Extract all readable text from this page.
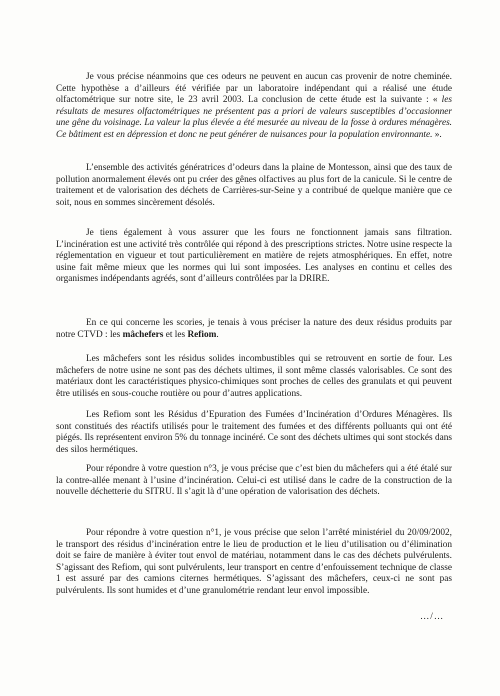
Je vous précise néanmoins que ces odeurs ne peuvent en aucun cas provenir de notre cheminée. Cette hypothèse a d’ailleurs été vérifiée par un laboratoire indépendant qui a réalisé une étude olfactométrique sur notre site, le 23 avril 2003. La conclusion de cette étude est la suivante : « les résultats de mesures olfactométriques ne présentent pas a priori de valeurs susceptibles d’occasionner une gêne du voisinage. La valeur la plus élevée a été mesurée au niveau de la fosse à ordures ménagères. Ce bâtiment est en dépression et donc ne peut générer de nuisances pour la population environnante. ».

L’ensemble des activités génératrices d’odeurs dans la plaine de Montesson, ainsi que des taux de pollution anormalement élevés ont pu créer des gênes olfactives au plus fort de la canicule. Si le centre de traitement et de valorisation des déchets de Carrières-sur-Seine y a contribué de quelque manière que ce soit, nous en sommes sincèrement désolés.

Je tiens également à vous assurer que les fours ne fonctionnent jamais sans filtration. L’incinération est une activité très contrôlée qui répond à des prescriptions strictes. Notre usine respecte la réglementation en vigueur et tout particulièrement en matière de rejets atmosphériques. En effet, notre usine fait même mieux que les normes qui lui sont imposées. Les analyses en continu et celles des organismes indépendants agréés, sont d’ailleurs contrôlées par la DRIRE.

En ce qui concerne les scories, je tenais à vous préciser la nature des deux résidus produits par notre CTVD : les mâchefers et les Refiom.

Les mâchefers sont les résidus solides incombustibles qui se retrouvent en sortie de four. Les mâchefers de notre usine ne sont pas des déchets ultimes, il sont même classés valorisables. Ce sont des matériaux dont les caractéristiques physico-chimiques sont proches de celles des granulats et qui peuvent être utilisés en sous-couche routière ou pour d’autres applications.

Les Refiom sont les Résidus d’Epuration des Fumées d’Incinération d’Ordures Ménagères. Ils sont constitués des réactifs utilisés pour le traitement des fumées et des différents polluants qui ont été piégés. Ils représentent environ 5% du tonnage incinéré. Ce sont des déchets ultimes qui sont stockés dans des silos hermétiques.

Pour répondre à votre question n°3, je vous précise que c’est bien du mâchefers qui a été étalé sur la contre-allée menant à l’usine d’incinération. Celui-ci est utilisé dans le cadre de la construction de la nouvelle déchetterie du SITRU. Il s’agit là d’une opération de valorisation des déchets.

Pour répondre à votre question n°1, je vous précise que selon l’arrêté ministériel du 20/09/2002, le transport des résidus d’incinération entre le lieu de production et le lieu d’utilisation ou d’élimination doit se faire de manière à éviter tout envol de matériau, notamment dans le cas des déchets pulvérulents. S’agissant des Refiom, qui sont pulvérulents, leur transport en centre d’enfouissement technique de classe 1 est assuré par des camions citernes hermétiques. S’agissant des mâchefers, ceux-ci ne sont pas pulvérulents. Ils sont humides et d’une granulométrie rendant leur envol impossible.

…/…
